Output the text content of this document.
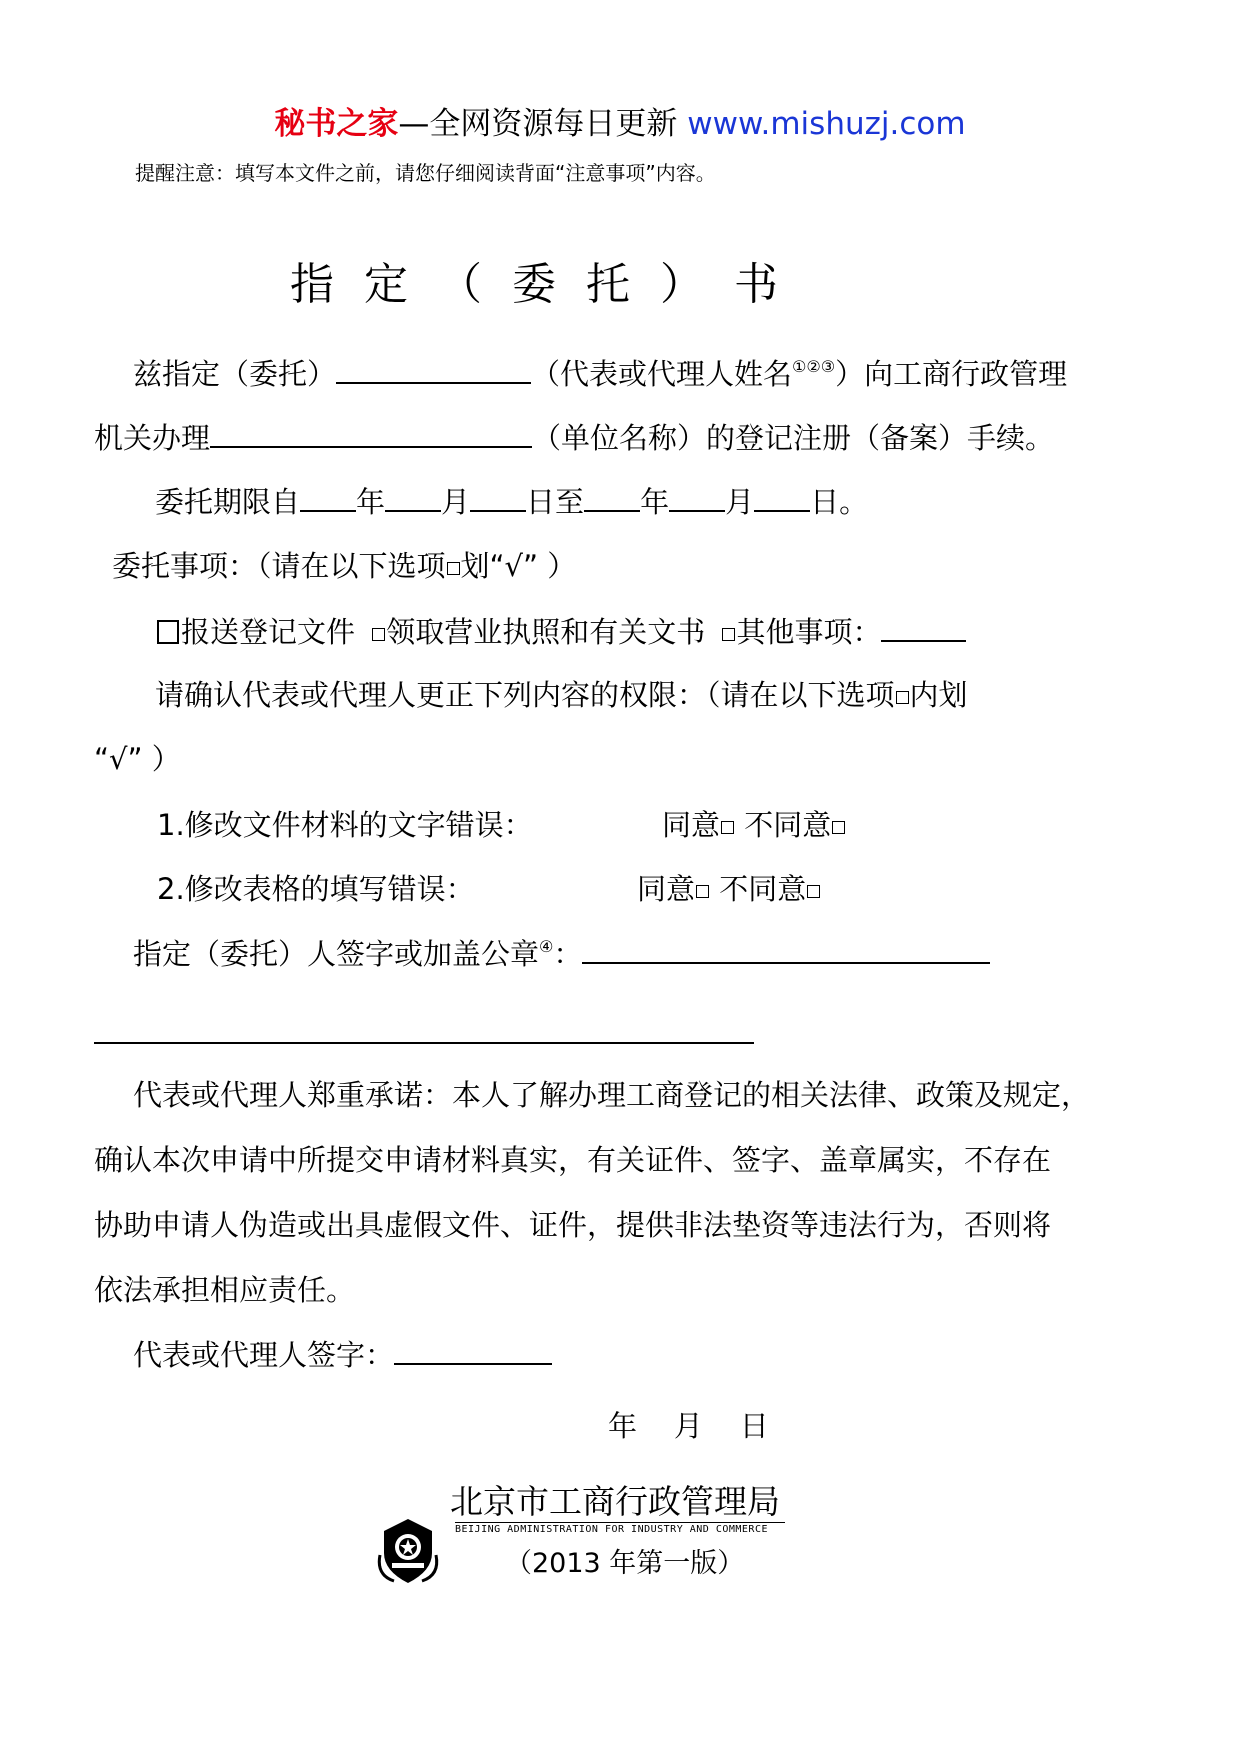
秘书之家—全网资源每日更新 www.mishuzj.com
提醒注意：填写本文件之前，请您仔细阅读背面“注意事项”内容。
指定（委托）书
兹指定（委托）	（代表或代理人姓名①②③）向工商行政管理
机关办理	（单位名称）的登记注册（备案）手续。
委托期限自 年 月 日至 年 月 日。
委托事项：（请在以下选项 划“√” ）
报送登记文件 领取营业执照和有关文书 其他事项：
请确认代表或代理人更正下列内容的权限：（请在以下选项 内划
“√” ）
1.修改文件材料的文字错误：	同意 不同意
2.修改表格的填写错误：	同意 不同意
指定（委托）人签字或加盖公章④：
代表或代理人郑重承诺：本人了解办理工商登记的相关法律、政策及规定，
确认本次申请中所提交申请材料真实，有关证件、签字、盖章属实，不存在
协助申请人伪造或出具虚假文件、证件，提供非法垫资等违法行为，否则将
依法承担相应责任。
代表或代理人签字：
年    月    日
北京市工商行政管理局
BEIJING ADMINISTRATION FOR INDUSTRY AND COMMERCE
（2013 年第一版）
